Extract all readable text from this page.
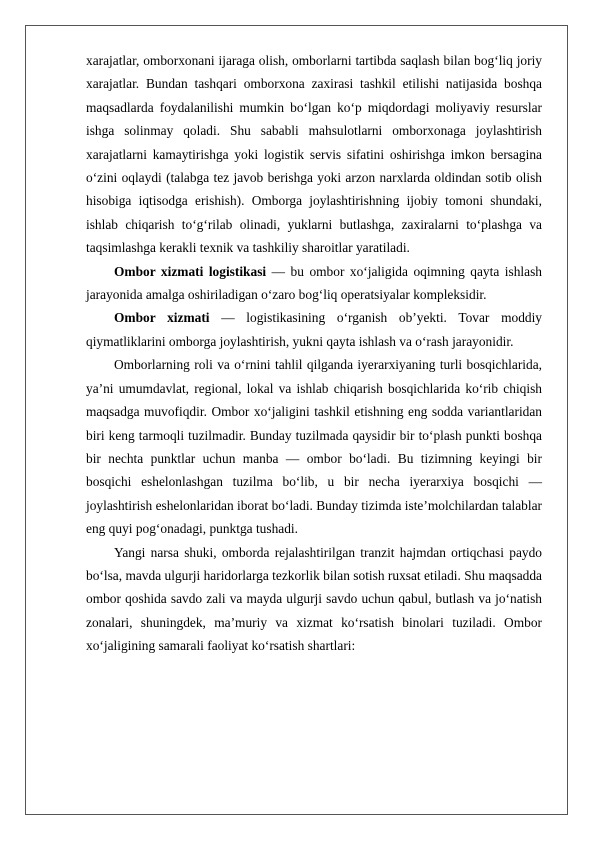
xarajatlar, omborxonani ijaraga olish, omborlarni tartibda saqlash bilan bog‘liq joriy xarajatlar. Bundan tashqari omborxona zaxirasi tashkil etilishi natijasida boshqa maqsadlarda foydalanilishi mumkin bo‘lgan ko‘p miqdordagi moliyaviy resurslar ishga solinmay qoladi. Shu sababli mahsulotlarni omborxonaga joylashtirish xarajatlarni kamaytirishga yoki logistik servis sifatini oshirishga imkon bersagina o‘zini oqlaydi (talabga tez javob berishga yoki arzon narxlarda oldindan sotib olish hisobiga iqtisodga erishish). Omborga joylashtirishning ijobiy tomoni shundaki, ishlab chiqarish to‘g‘rilab olinadi, yuklarni butlashga, zaxiralarni to‘plashga va taqsimlashga kerakli texnik va tashkiliy sharoitlar yaratiladi.

Ombor xizmati logistikasi — bu ombor xo‘jaligida oqimning qayta ishlash jarayonida amalga oshiriladigan o‘zaro bog‘liq operatsiyalar kompleksidir.

Ombor xizmati — logistikasining o‘rganish ob’yekti. Tovar moddiy qiymatliklarini omborga joylashtirish, yukni qayta ishlash va o‘rash jarayonidir.

Omborlarning roli va o‘rnini tahlil qilganda iyerarxiyaning turli bosqichlarida, ya’ni umumdavlat, regional, lokal va ishlab chiqarish bosqichlarida ko‘rib chiqish maqsadga muvofiqdir. Ombor xo‘jaligini tashkil etishning eng sodda variantlaridan biri keng tarmoqli tuzilmadir. Bunday tuzilmada qaysidir bir to‘plash punkti boshqa bir nechta punktlar uchun manba — ombor bo‘ladi. Bu tizimning keyingi bir bosqichi eshelonlashgan tuzilma bo‘lib, u bir necha iyerarxiya bosqichi — joylashtirish eshelonlaridan iborat bo‘ladi. Bunday tizimda iste’molchilardan talablar eng quyi pog‘onadagi, punktga tushadi.

Yangi narsa shuki, omborda rejalashtirilgan tranzit hajmdan ortiqchasi paydo bo‘lsa, mavda ulgurji haridorlarga tezkorlik bilan sotish ruxsat etiladi. Shu maqsadda ombor qoshida savdo zali va mayda ulgurji savdo uchun qabul, butlash va jo‘natish zonalari, shuningdek, ma’muriy va xizmat ko‘rsatish binolari tuziladi. Ombor xo‘jaligining samarali faoliyat ko‘rsatish shartlari:
